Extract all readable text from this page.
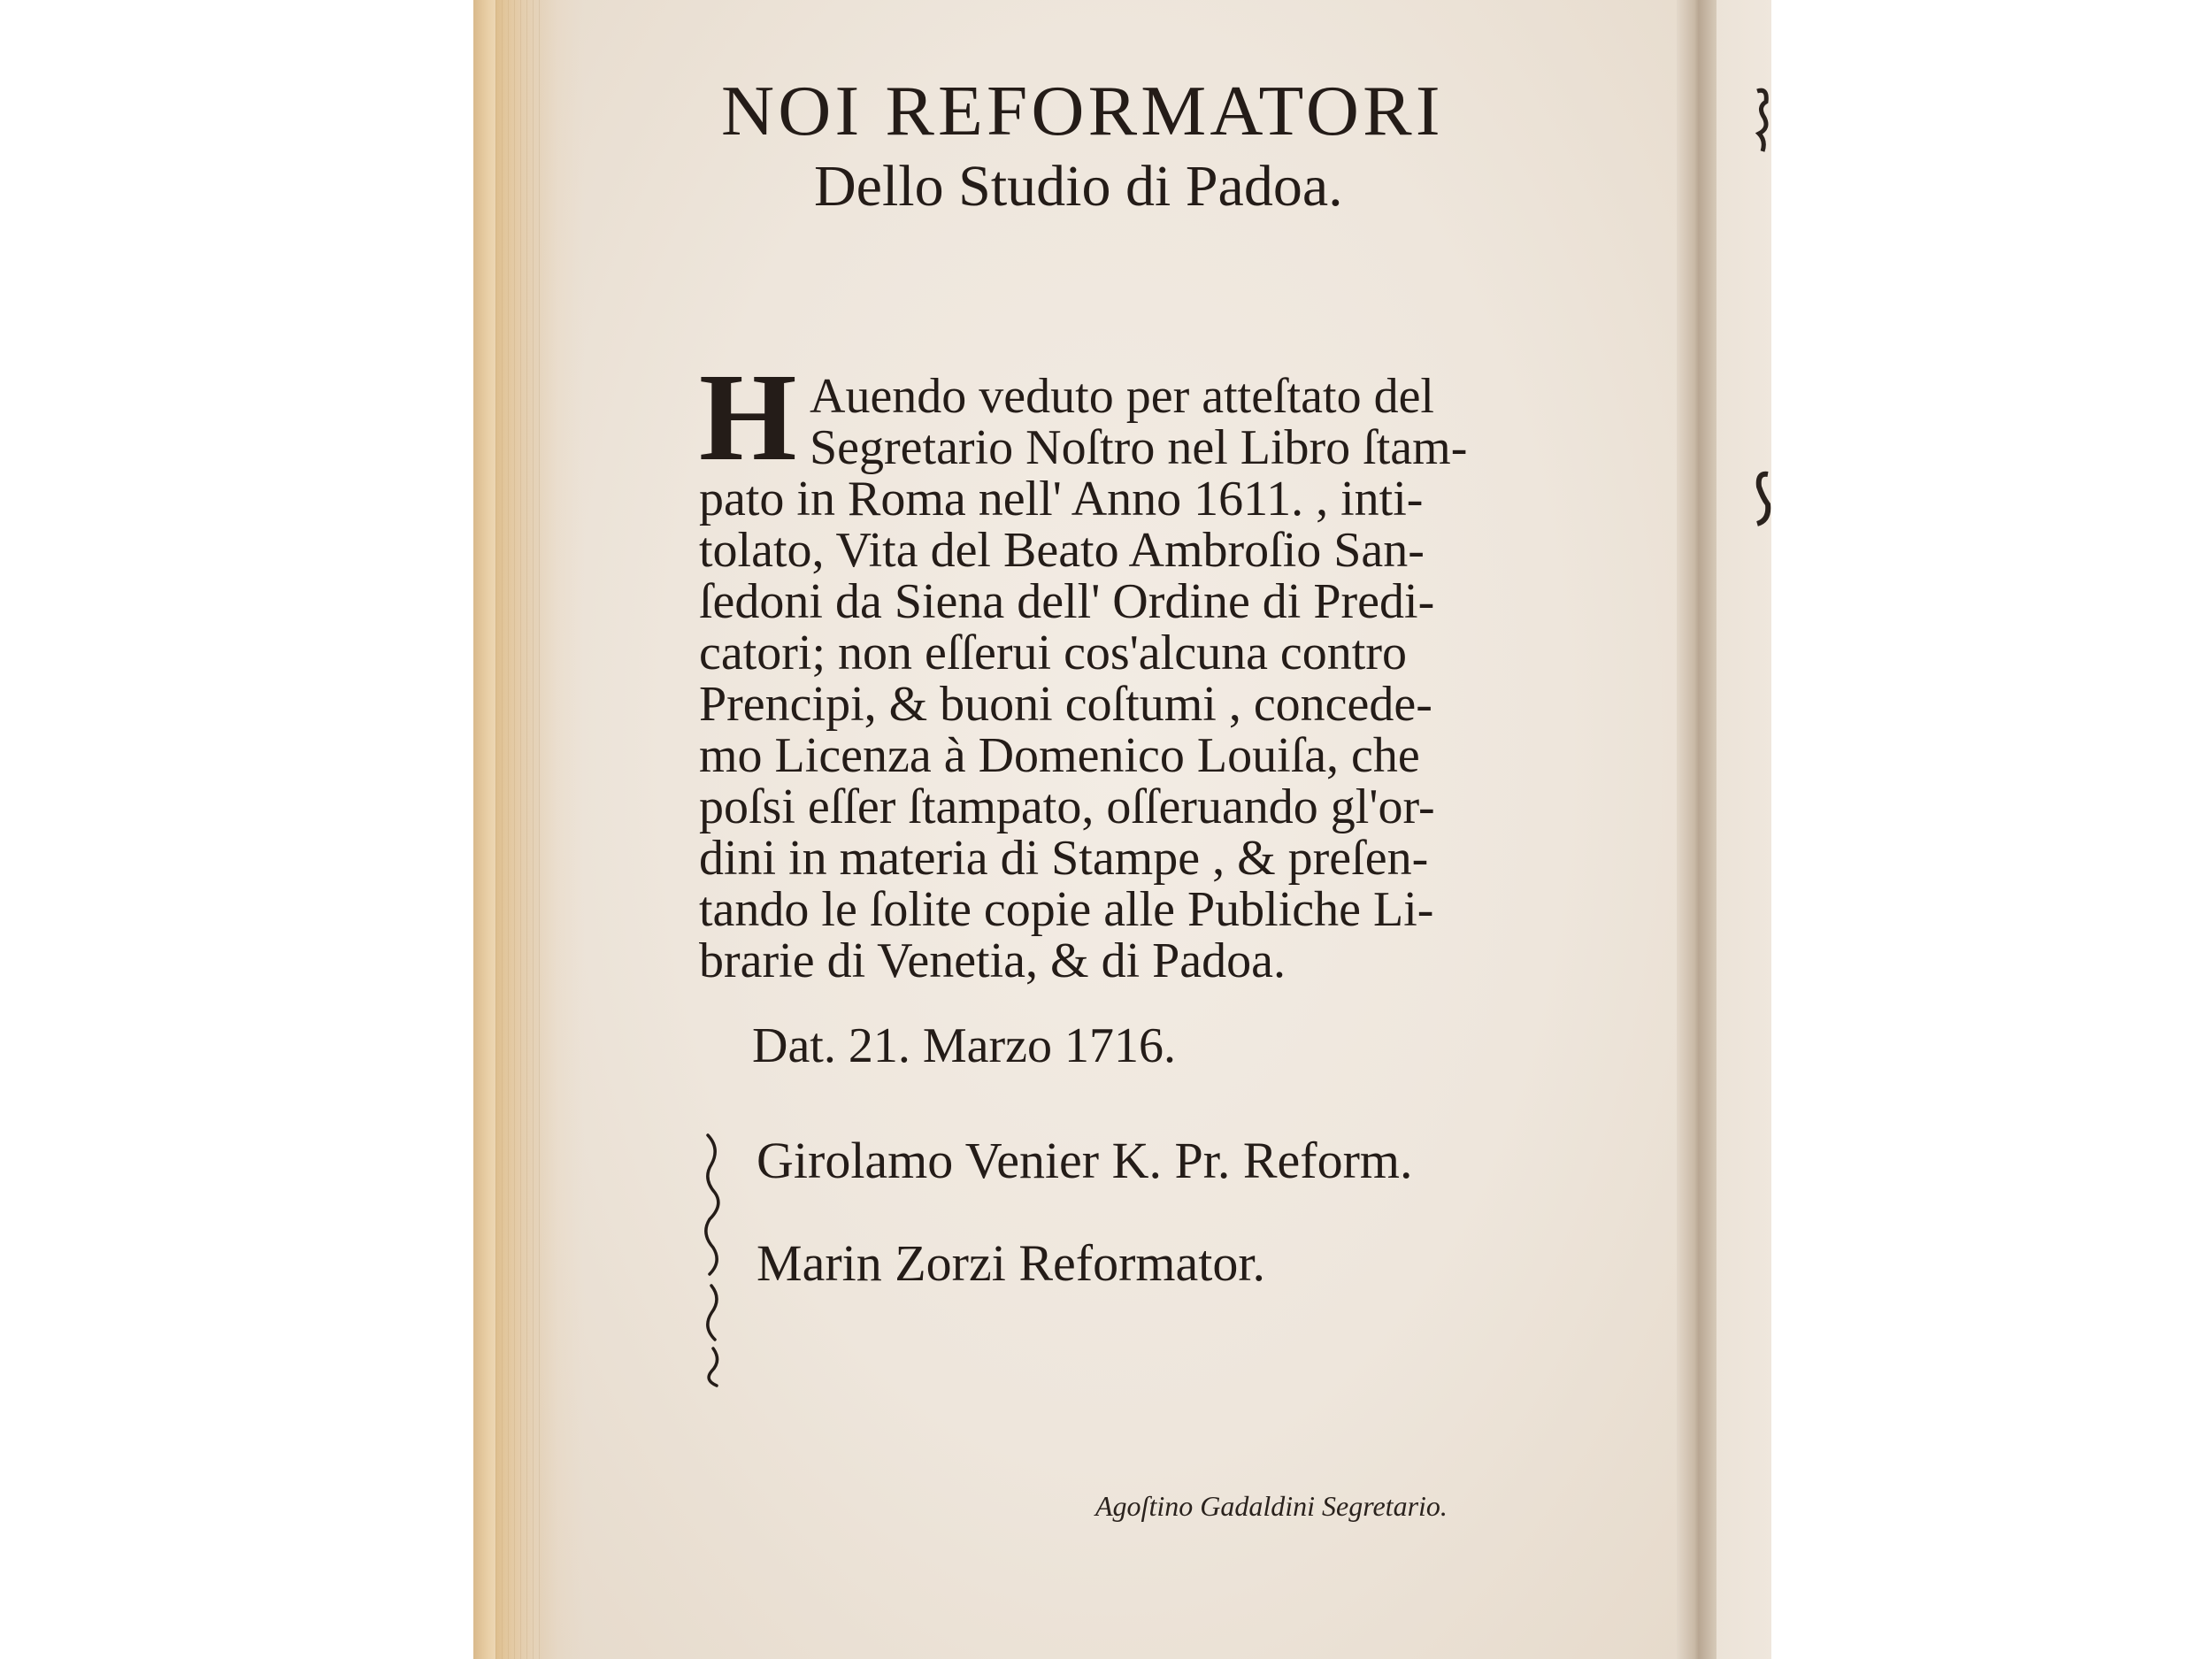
NOI REFORMATORI
Dello Studio di Padoa.
H Auendo veduto per atteſtato del
Segretario Noſtro nel Libro ſtam-
pato in Roma nell' Anno 1611. , inti-
tolato, Vita del Beato Ambroſio San-
ſedoni da Siena dell' Ordine di Predi-
catori; non eſſerui cos'alcuna contro
Prencipi, & buoni coſtumi , concede-
mo Licenza à Domenico Louiſa, che
poſsi eſſer ſtampato, oſſeruando gl'or-
dini in materia di Stampe , & preſen-
tando le ſolite copie alle Publiche Li-
brarie di Venetia, & di Padoa.
Dat. 21. Marzo 1716.
Girolamo Venier K. Pr. Reform.
Marin Zorzi Reformator.
Agoſtino Gadaldini Segretario.
